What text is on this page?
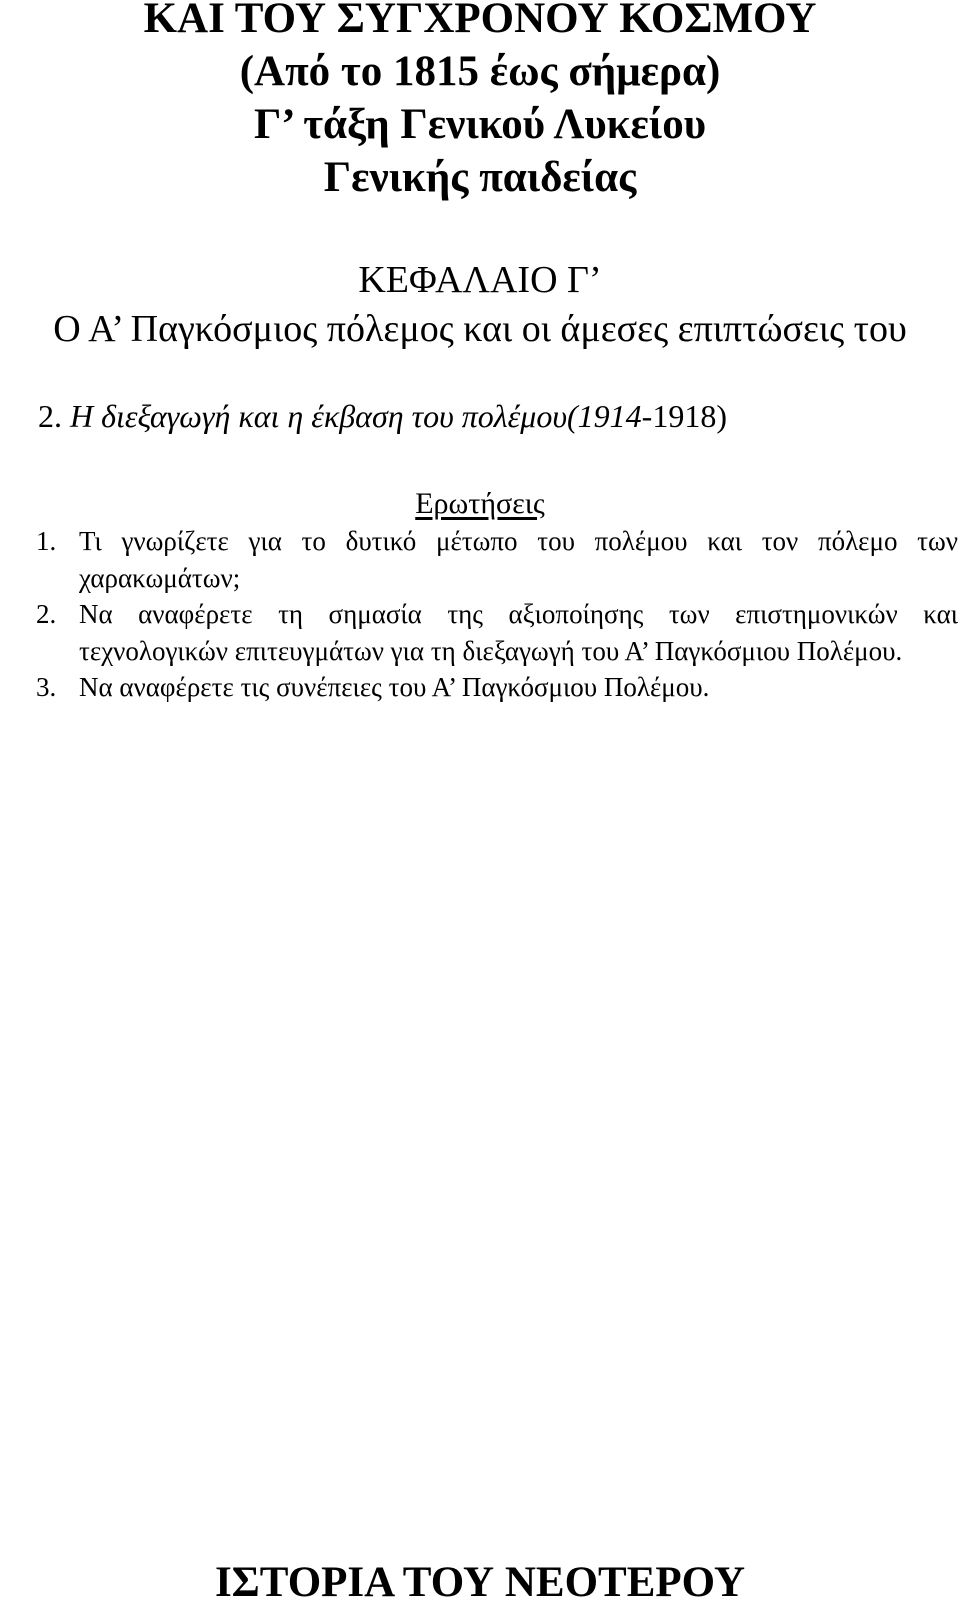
ΚΑΙ ΤΟΥ ΣΥΓΧΡΟΝΟΥ ΚΟΣΜΟΥ
(Από το 1815 έως σήμερα)
Γ’ τάξη Γενικού Λυκείου
Γενικής παιδείας
ΚΕΦΑΛΑΙΟ Γ’
Ο Α’ Παγκόσμιος πόλεμος και οι άμεσες επιπτώσεις του
2. Η διεξαγωγή και η έκβαση του πολέμου(1914-1918)
Ερωτήσεις
1. Τι γνωρίζετε για το δυτικό μέτωπο του πολέμου και τον πόλεμο των χαρακωμάτων;
2. Να αναφέρετε τη σημασία της αξιοποίησης των επιστημονικών και τεχνολογικών επιτευγμάτων για τη διεξαγωγή του Α’ Παγκόσμιου Πολέμου.
3. Να αναφέρετε τις συνέπειες του Α’ Παγκόσμιου Πολέμου.
ΙΣΤΟΡΙΑ ΤΟΥ ΝΕΟΤΕΡΟΥ
